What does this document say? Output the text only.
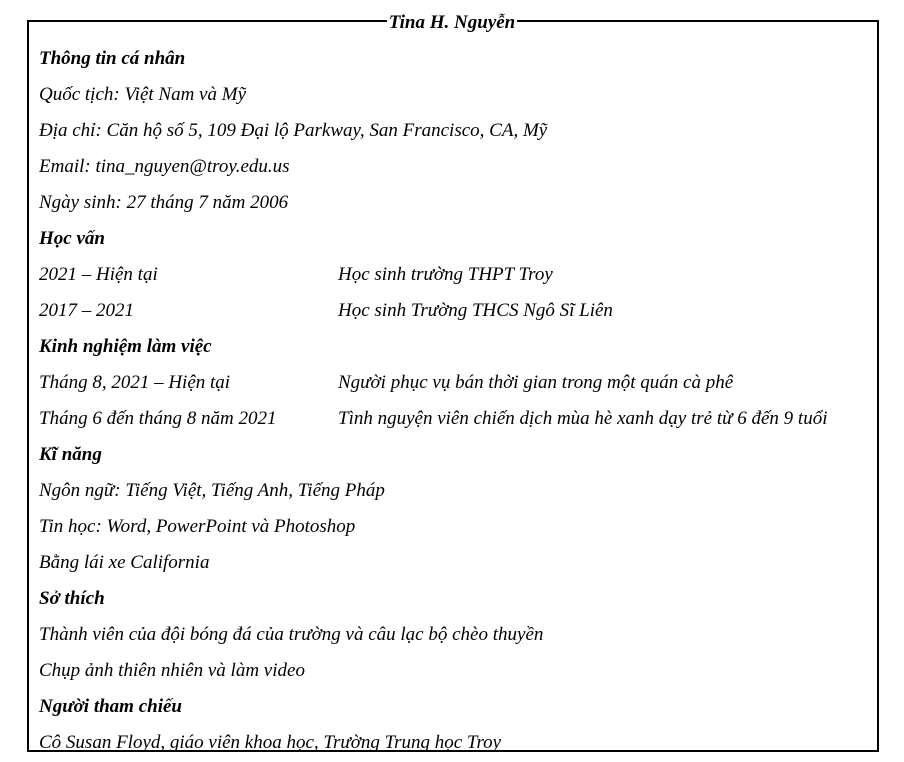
Tina H. Nguyễn
Thông tin cá nhân
Quốc tịch: Việt Nam và Mỹ
Địa chỉ: Căn hộ số 5, 109 Đại lộ Parkway, San Francisco, CA, Mỹ
Email: tina_nguyen@troy.edu.us
Ngày sinh: 27 tháng 7 năm 2006
Học vấn
2021 – Hiện tại	Học sinh trường THPT Troy
2017 – 2021	Học sinh Trường THCS Ngô Sĩ Liên
Kinh nghiệm làm việc
Tháng 8, 2021 – Hiện tại	Người phục vụ bán thời gian trong một quán cà phê
Tháng 6 đến tháng 8 năm 2021	Tình nguyện viên chiến dịch mùa hè xanh dạy trẻ từ 6 đến 9 tuổi
Kĩ năng
Ngôn ngữ: Tiếng Việt, Tiếng Anh, Tiếng Pháp
Tin học: Word, PowerPoint và Photoshop
Bằng lái xe California
Sở thích
Thành viên của đội bóng đá của trường và câu lạc bộ chèo thuyền
Chụp ảnh thiên nhiên và làm video
Người tham chiếu
Cô Susan Floyd, giáo viên khoa học, Trường Trung học Troy
